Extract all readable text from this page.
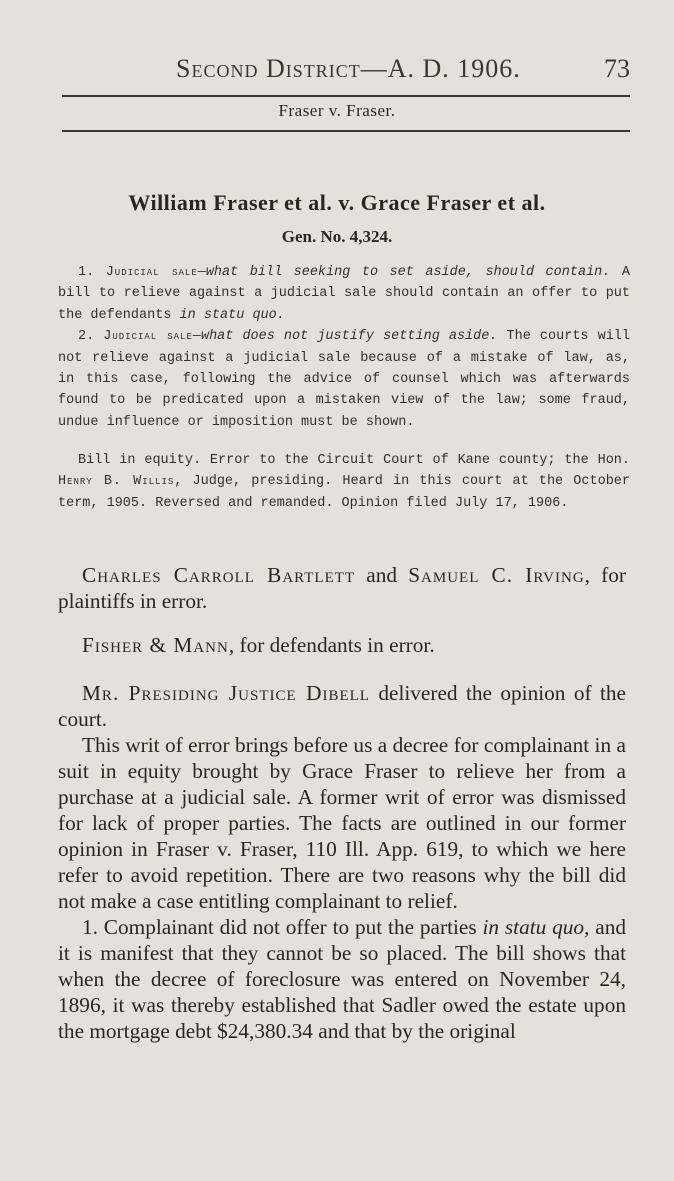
Second District—A. D. 1906.	73
Fraser v. Fraser.
William Fraser et al. v. Grace Fraser et al.
Gen. No. 4,324.

1. Judicial sale—what bill seeking to set aside, should contain. A bill to relieve against a judicial sale should contain an offer to put the defendants in statu quo.

2. Judicial sale—what does not justify setting aside. The courts will not relieve against a judicial sale because of a mistake of law, as, in this case, following the advice of counsel which was afterwards found to be predicated upon a mistaken view of the law; some fraud, undue influence or imposition must be shown.

Bill in equity. Error to the Circuit Court of Kane county; the Hon. Henry B. Willis, Judge, presiding. Heard in this court at the October term, 1905. Reversed and remanded. Opinion filed July 17, 1906.

Charles Carroll Bartlett and Samuel C. Irving, for plaintiffs in error.

Fisher & Mann, for defendants in error.

Mr. Presiding Justice Dibell delivered the opinion of the court.

This writ of error brings before us a decree for complainant in a suit in equity brought by Grace Fraser to relieve her from a purchase at a judicial sale. A former writ of error was dismissed for lack of proper parties. The facts are outlined in our former opinion in Fraser v. Fraser, 110 Ill. App. 619, to which we here refer to avoid repetition. There are two reasons why the bill did not make a case entitling complainant to relief.

1. Complainant did not offer to put the parties in statu quo, and it is manifest that they cannot be so placed. The bill shows that when the decree of foreclosure was entered on November 24, 1896, it was thereby established that Sadler owed the estate upon the mortgage debt $24,380.34 and that by the original
